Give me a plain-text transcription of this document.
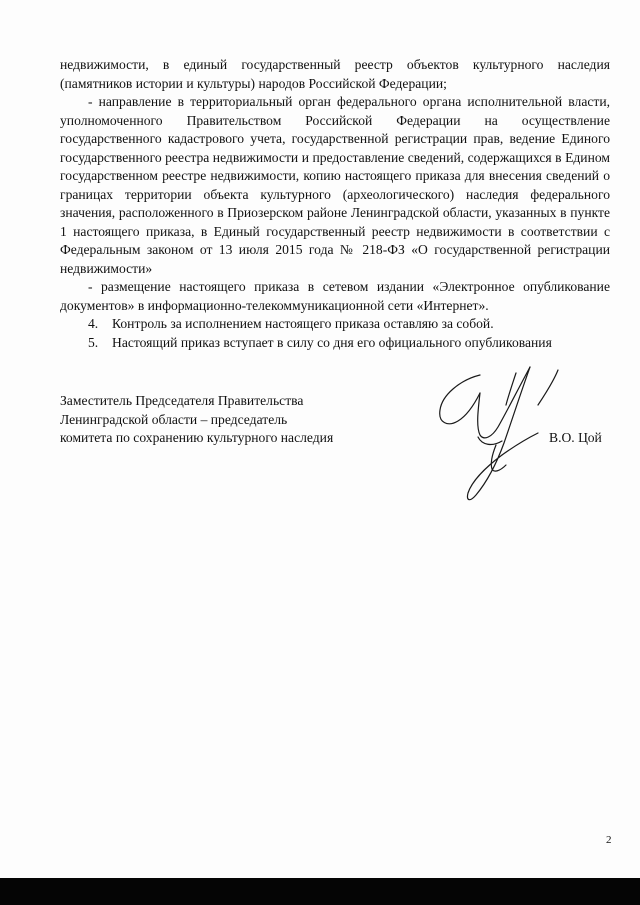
недвижимости, в единый государственный реестр объектов культурного наследия (памятников истории и культуры) народов Российской Федерации;

- направление в территориальный орган федерального органа исполнительной власти, уполномоченного Правительством Российской Федерации на осуществление государственного кадастрового учета, государственной регистрации прав, ведение Единого государственного реестра недвижимости и предоставление сведений, содержащихся в Едином государственном реестре недвижимости, копию настоящего приказа для внесения сведений о границах территории объекта культурного (археологического) наследия федерального значения, расположенного в Приозерском районе Ленинградской области, указанных в пункте 1 настоящего приказа, в Единый государственный реестр недвижимости в соответствии с Федеральным законом от 13 июля 2015 года № 218-ФЗ «О государственной регистрации недвижимости»

- размещение настоящего приказа в сетевом издании «Электронное опубликование документов» в информационно-телекоммуникационной сети «Интернет».

4. Контроль за исполнением настоящего приказа оставляю за собой.

5. Настоящий приказ вступает в силу со дня его официального опубликования

Заместитель Председателя Правительства
Ленинградской области – председатель
комитета по сохранению культурного наследия	В.О. Цой
2
